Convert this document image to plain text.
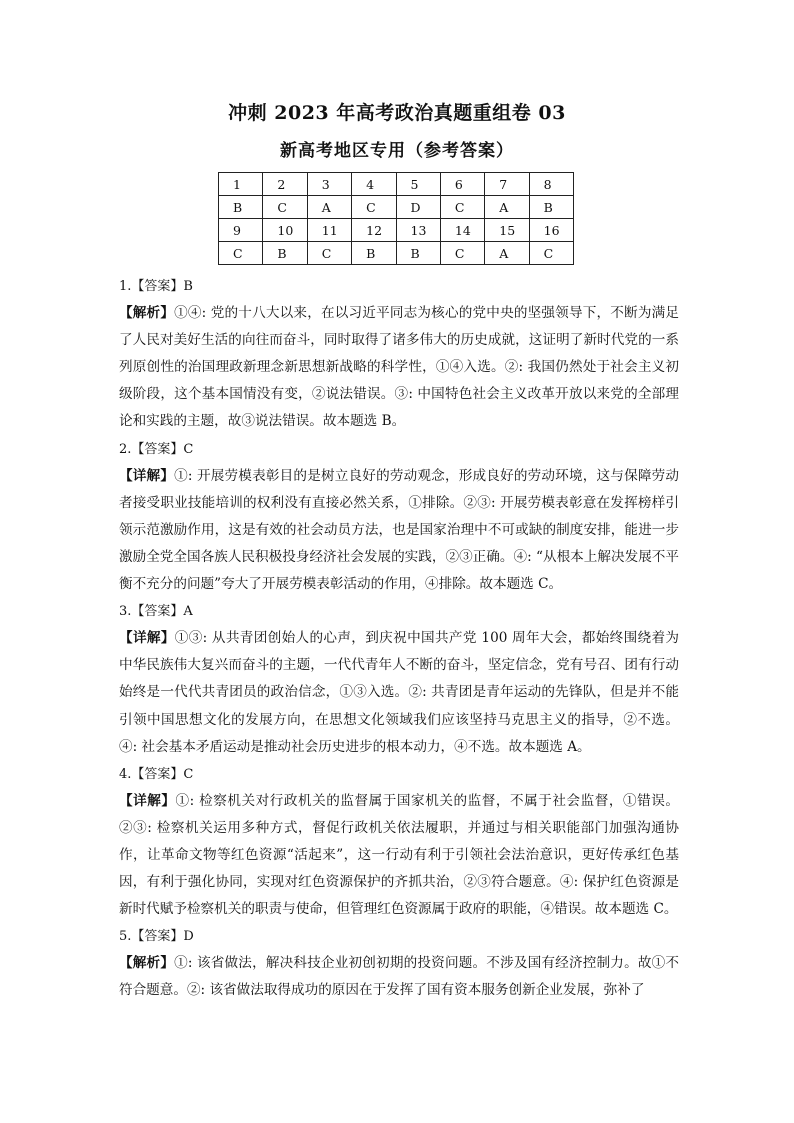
冲刺 2023 年高考政治真题重组卷 03
新高考地区专用（参考答案）
1	2	3	4	5	6	7	8
B	C	A	C	D	C	A	B
9	10	11	12	13	14	15	16
C	B	C	B	B	C	A	C

1.【答案】B

【解析】①④: 党的十八大以来，在以习近平同志为核心的党中央的坚强领导下，不断为满足了人民对美好生活的向往而奋斗，同时取得了诸多伟大的历史成就，这证明了新时代党的一系列原创性的治国理政新理念新思想新战略的科学性，①④入选。②: 我国仍然处于社会主义初级阶段，这个基本国情没有变，②说法错误。③: 中国特色社会主义改革开放以来党的全部理论和实践的主题，故③说法错误。故本题选 B。

2.【答案】C

【详解】①: 开展劳模表彰目的是树立良好的劳动观念，形成良好的劳动环境，这与保障劳动者接受职业技能培训的权利没有直接必然关系，①排除。②③: 开展劳模表彰意在发挥榜样引领示范激励作用，这是有效的社会动员方法，也是国家治理中不可或缺的制度安排，能进一步激励全党全国各族人民积极投身经济社会发展的实践，②③正确。④: “从根本上解决发展不平衡不充分的问题”夸大了开展劳模表彰活动的作用，④排除。故本题选 C。

3.【答案】A

【详解】①③: 从共青团创始人的心声，到庆祝中国共产党 100 周年大会，都始终围绕着为中华民族伟大复兴而奋斗的主题，一代代青年人不断的奋斗，坚定信念，党有号召、团有行动始终是一代代共青团员的政治信念，①③入选。②: 共青团是青年运动的先锋队，但是并不能引领中国思想文化的发展方向，在思想文化领域我们应该坚持马克思主义的指导，②不选。④: 社会基本矛盾运动是推动社会历史进步的根本动力，④不选。故本题选 A。

4.【答案】C

【详解】①: 检察机关对行政机关的监督属于国家机关的监督，不属于社会监督，①错误。②③: 检察机关运用多种方式，督促行政机关依法履职，并通过与相关职能部门加强沟通协作，让革命文物等红色资源“活起来”，这一行动有利于引领社会法治意识，更好传承红色基因，有利于强化协同，实现对红色资源保护的齐抓共治，②③符合题意。④: 保护红色资源是新时代赋予检察机关的职责与使命，但管理红色资源属于政府的职能，④错误。故本题选 C。

5.【答案】D

【解析】①: 该省做法，解决科技企业初创初期的投资问题。不涉及国有经济控制力。故①不符合题意。②: 该省做法取得成功的原因在于发挥了国有资本服务创新企业发展，弥补了
